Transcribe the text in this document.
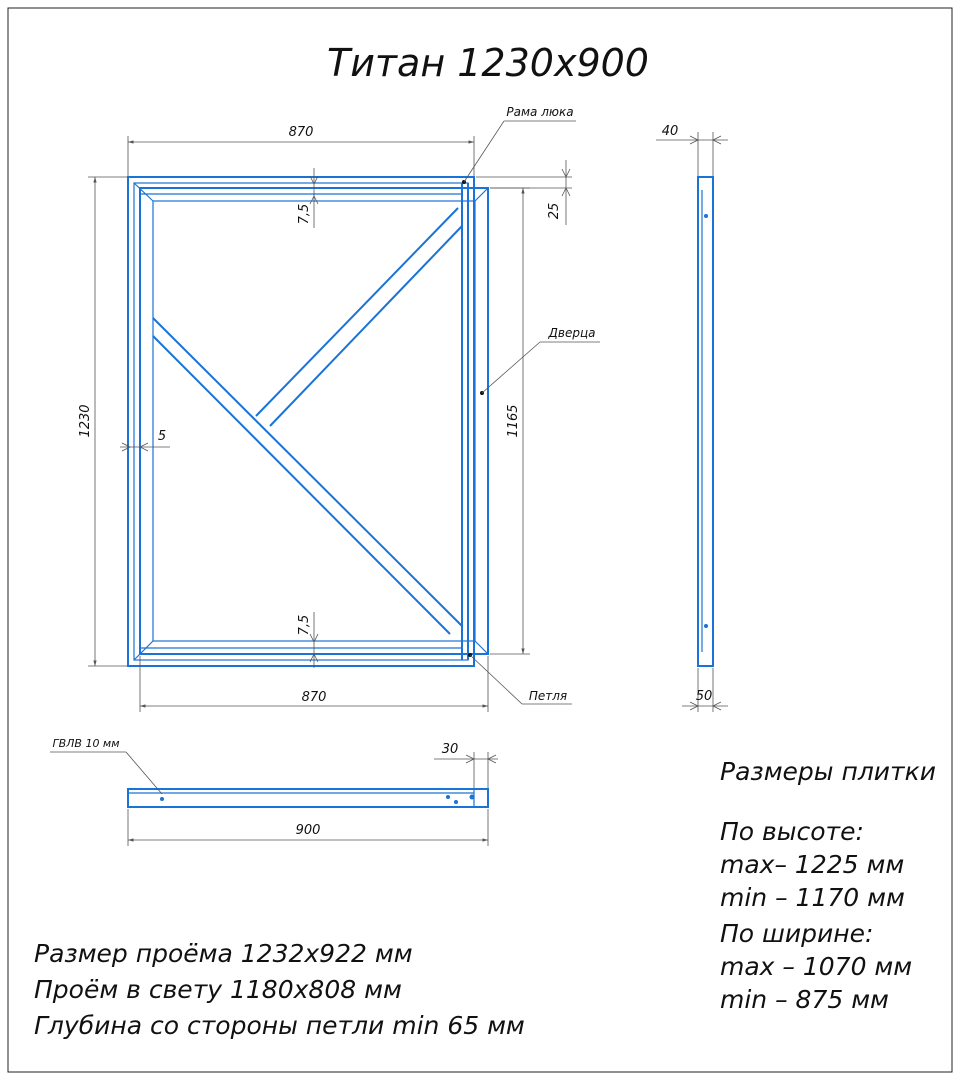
Титан 1230х900
870
870
1230	1165
7,5
7,5
25
5
Рама люка
Дверца
Петля
40
50
ГВЛВ 10 мм	30
900
Размеры плитки
По высоте:
max– 1225 мм
min – 1170 мм
По ширине:
max – 1070 мм
min – 875 мм
Размер проёма 1232x922 мм
Проём в свету 1180x808 мм
Глубина со стороны петли min 65 мм
